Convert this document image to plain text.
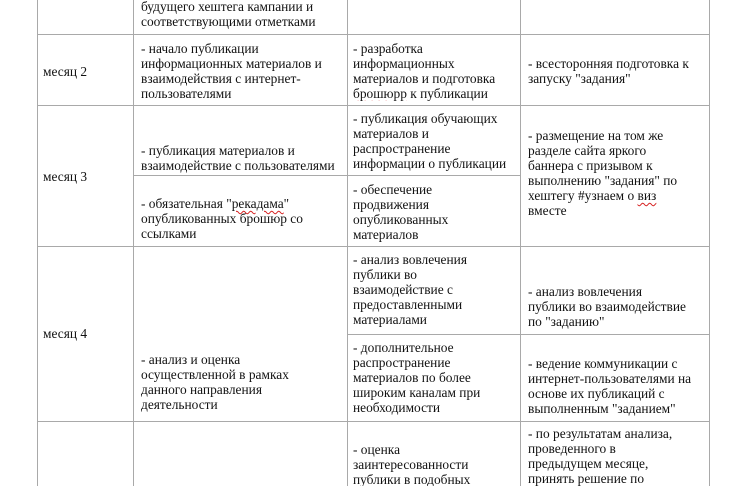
будущего хештега кампании и
соответствующими отметками
месяц 2
- начало публикации
информационных материалов и
взаимодействия с интернет-
пользователями
- разработка
информационных
материалов и подготовка
брошюрр к публикации
- всесторонняя подготовка к
запуску "задания"
месяц 3
- публикация материалов и
взаимодействие с пользователями
- обязательная "рекадама"
опубликованных брошюр со
ссылками
- публикация обучающих
материалов и
распространение
информации о публикации
- обеспечение
продвижения
опубликованных
материалов
- размещение на том же
разделе сайта яркого
баннера с призывом к
выполнению "задания" по
хештегу #узнаем о виз
вместе
месяц 4
- анализ и оценка
осуществленной в рамках
данного направления
деятельности
- анализ вовлечения
публики во
взаимодействие с
предоставленными
материалами
- дополнительное
распространение
материалов по более
широким каналам при
необходимости
- анализ вовлечения
публики во взаимодействие
по "заданию"
- ведение коммуникации с
интернет-пользователями на
основе их публикаций с
выполненным "заданием"
- оценка
заинтересованности
публики в подобных
- по результатам анализа,
проведенного в
предыдущем месяце,
принять решение по
